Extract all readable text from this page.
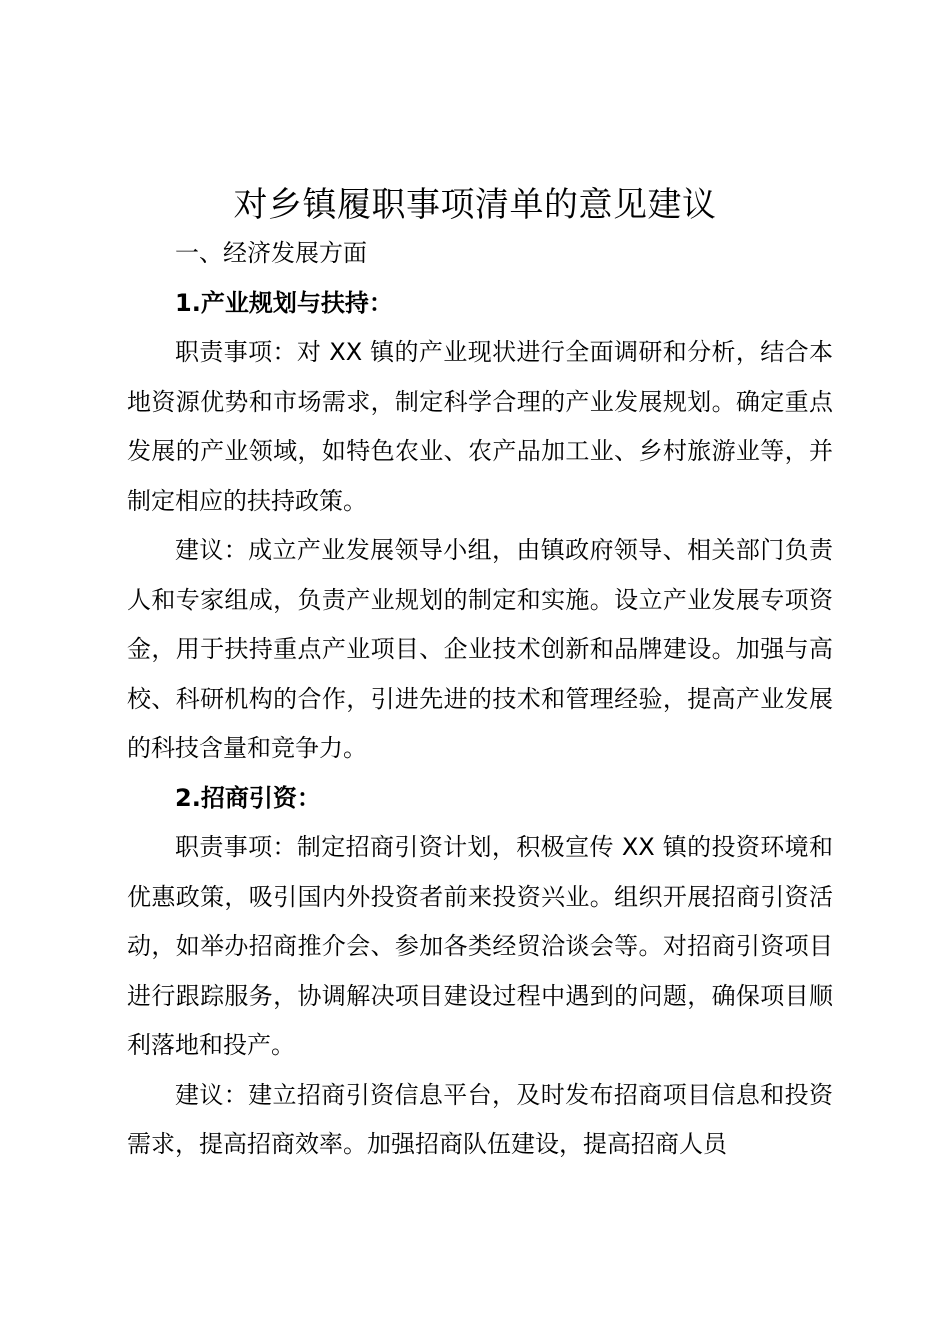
对乡镇履职事项清单的意见建议

一、经济发展方面

1.产业规划与扶持：

职责事项：对 XX 镇的产业现状进行全面调研和分析，结合本地资源优势和市场需求，制定科学合理的产业发展规划。确定重点发展的产业领域，如特色农业、农产品加工业、乡村旅游业等，并制定相应的扶持政策。

建议：成立产业发展领导小组，由镇政府领导、相关部门负责人和专家组成，负责产业规划的制定和实施。设立产业发展专项资金，用于扶持重点产业项目、企业技术创新和品牌建设。加强与高校、科研机构的合作，引进先进的技术和管理经验，提高产业发展的科技含量和竞争力。

2.招商引资：

职责事项：制定招商引资计划，积极宣传 XX 镇的投资环境和优惠政策，吸引国内外投资者前来投资兴业。组织开展招商引资活动，如举办招商推介会、参加各类经贸洽谈会等。对招商引资项目进行跟踪服务，协调解决项目建设过程中遇到的问题，确保项目顺利落地和投产。

建议：建立招商引资信息平台，及时发布招商项目信息和投资需求，提高招商效率。加强招商队伍建设，提高招商人员
